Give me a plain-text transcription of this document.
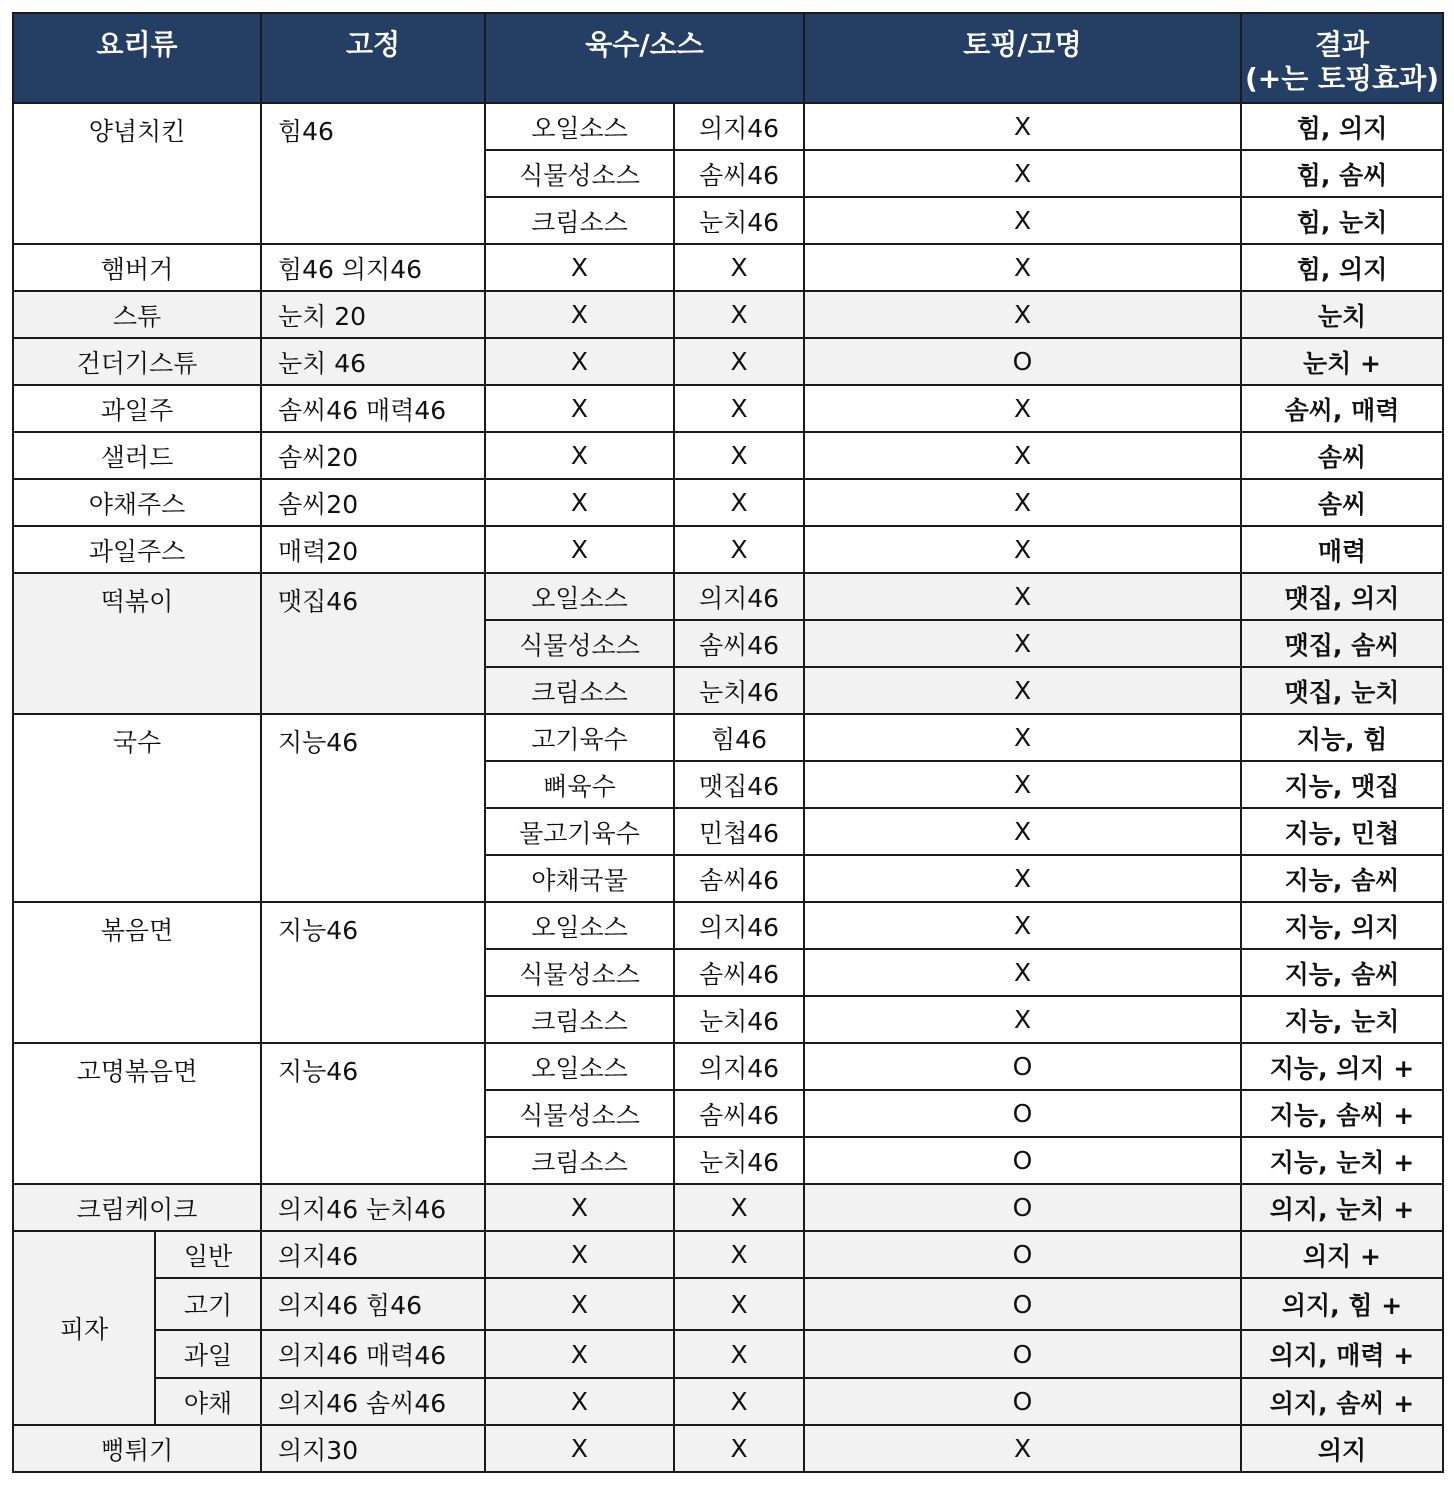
요리류		고정	육수/소스		토핑/고명	결과
(+는 토핑효과)

양념치킨		힘46	오일소스	의지46	X	힘, 의지
			식물성소스	솜씨46	X	힘, 솜씨
			크림소스	눈치46	X	힘, 눈치
햄버거		힘46 의지46	X	X	X	힘, 의지
스튜		눈치 20	X	X	X	눈치
건더기스튜		눈치 46	X	X	O	눈치 +
과일주		솜씨46 매력46	X	X	X	솜씨, 매력
샐러드		솜씨20	X	X	X	솜씨
야채주스		솜씨20	X	X	X	솜씨
과일주스		매력20	X	X	X	매력
떡볶이		맷집46	오일소스	의지46	X	맷집, 의지
			식물성소스	솜씨46	X	맷집, 솜씨
			크림소스	눈치46	X	맷집, 눈치
국수		지능46	고기육수	힘46	X	지능, 힘
			뼈육수	맷집46	X	지능, 맷집
			물고기육수	민첩46	X	지능, 민첩
			야채국물	솜씨46	X	지능, 솜씨
볶음면		지능46	오일소스	의지46	X	지능, 의지
			식물성소스	솜씨46	X	지능, 솜씨
			크림소스	눈치46	X	지능, 눈치
고명볶음면		지능46	오일소스	의지46	O	지능, 의지 +
			식물성소스	솜씨46	O	지능, 솜씨 +
			크림소스	눈치46	O	지능, 눈치 +
크림케이크		의지46 눈치46	X	X	O	의지, 눈치 +
피자	일반	의지46	X	X	O	의지 +
	고기	의지46 힘46	X	X	O	의지, 힘 +
	과일	의지46 매력46	X	X	O	의지, 매력 +
	야채	의지46 솜씨46	X	X	O	의지, 솜씨 +
뻥튀기		의지30	X	X	X	의지
